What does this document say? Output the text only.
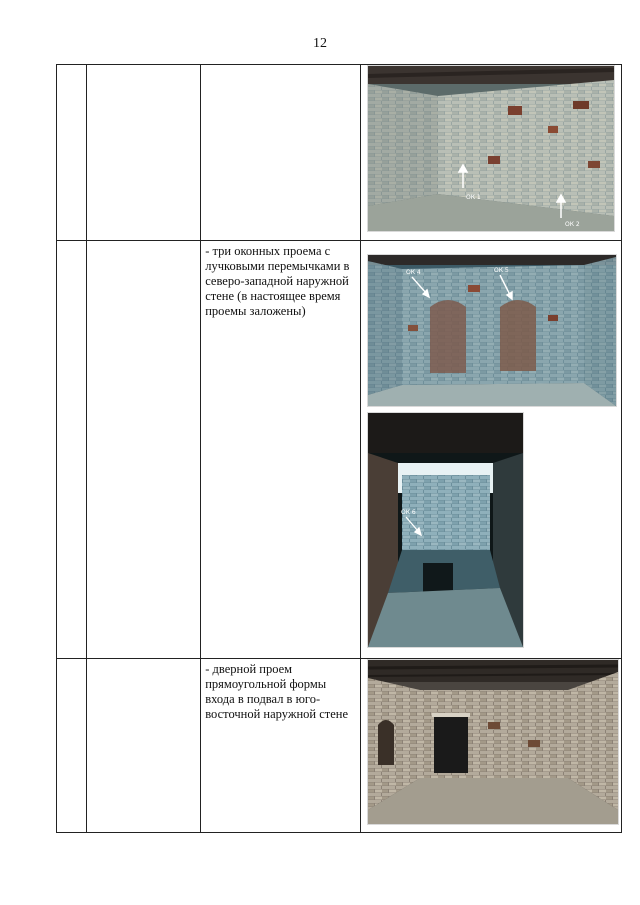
12

		- три оконных проема с лучковыми перемычками в северо-западной наружной стене (в настоящее время проемы заложены)	

		- дверной проем прямоугольной формы входа в подвал в юго-восточной наружной стене	

ОК 1
ОК 2
ОК 4	ОК 5
ОК 6
